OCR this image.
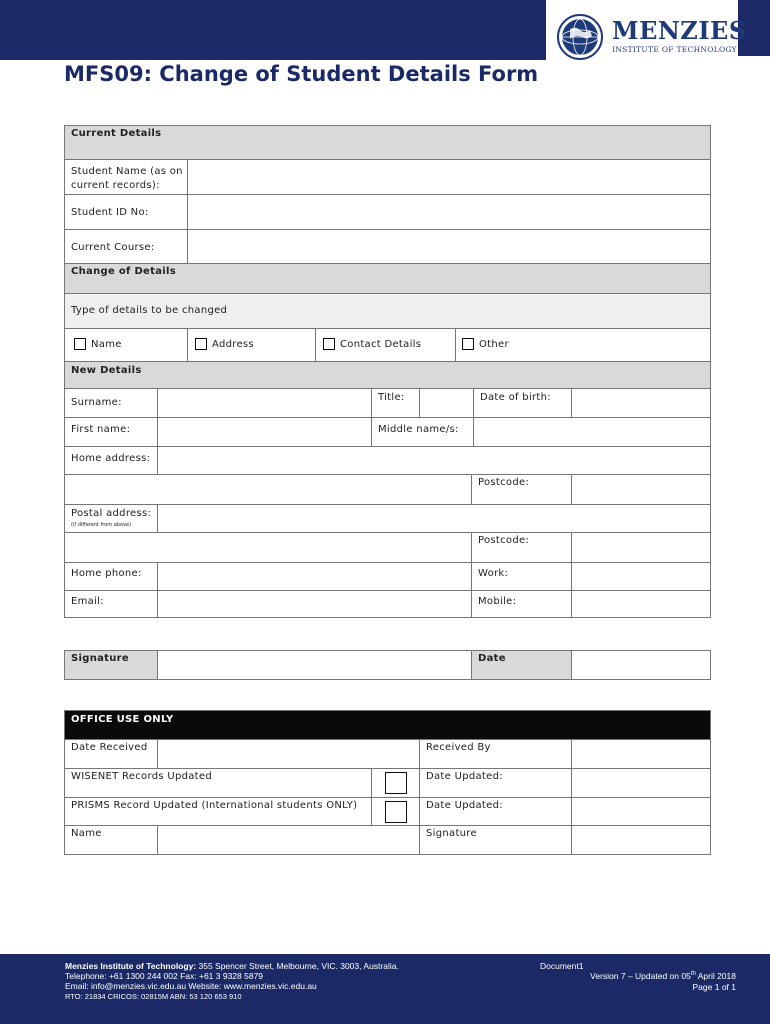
MENZIES
INSTITUTE OF TECHNOLOGY
MFS09: Change of Student Details Form
Current Details
Student Name (as on
current records):
Student ID No:
Current Course:
Change of Details
Type of details to be changed
Name	Address	Contact Details	Other
New Details
Surname:	Title:	Date of birth:
First name:	Middle name/s:
Home address:
Postcode:
Postal address:
(if different from above)
Postcode:
Home phone:	Work:
Email:	Mobile:
Signature	Date
OFFICE USE ONLY
Date Received	Received By
WISENET Records Updated	Date Updated:
PRISMS Record Updated (International students ONLY)	Date Updated:
Name	Signature
Menzies Institute of Technology: 355 Spencer Street, Melbourne, VIC. 3003, Australia.
Telephone: +61 1300 244 002 Fax: +61 3 9328 5879
Email: info@menzies.vic.edu.au Website: www.menzies.vic.edu.au
RTO: 21834 CRICOS: 02815M ABN: 53 120 653 910
Document1
Version 7 – Updated on 05th April 2018
Page 1 of 1
